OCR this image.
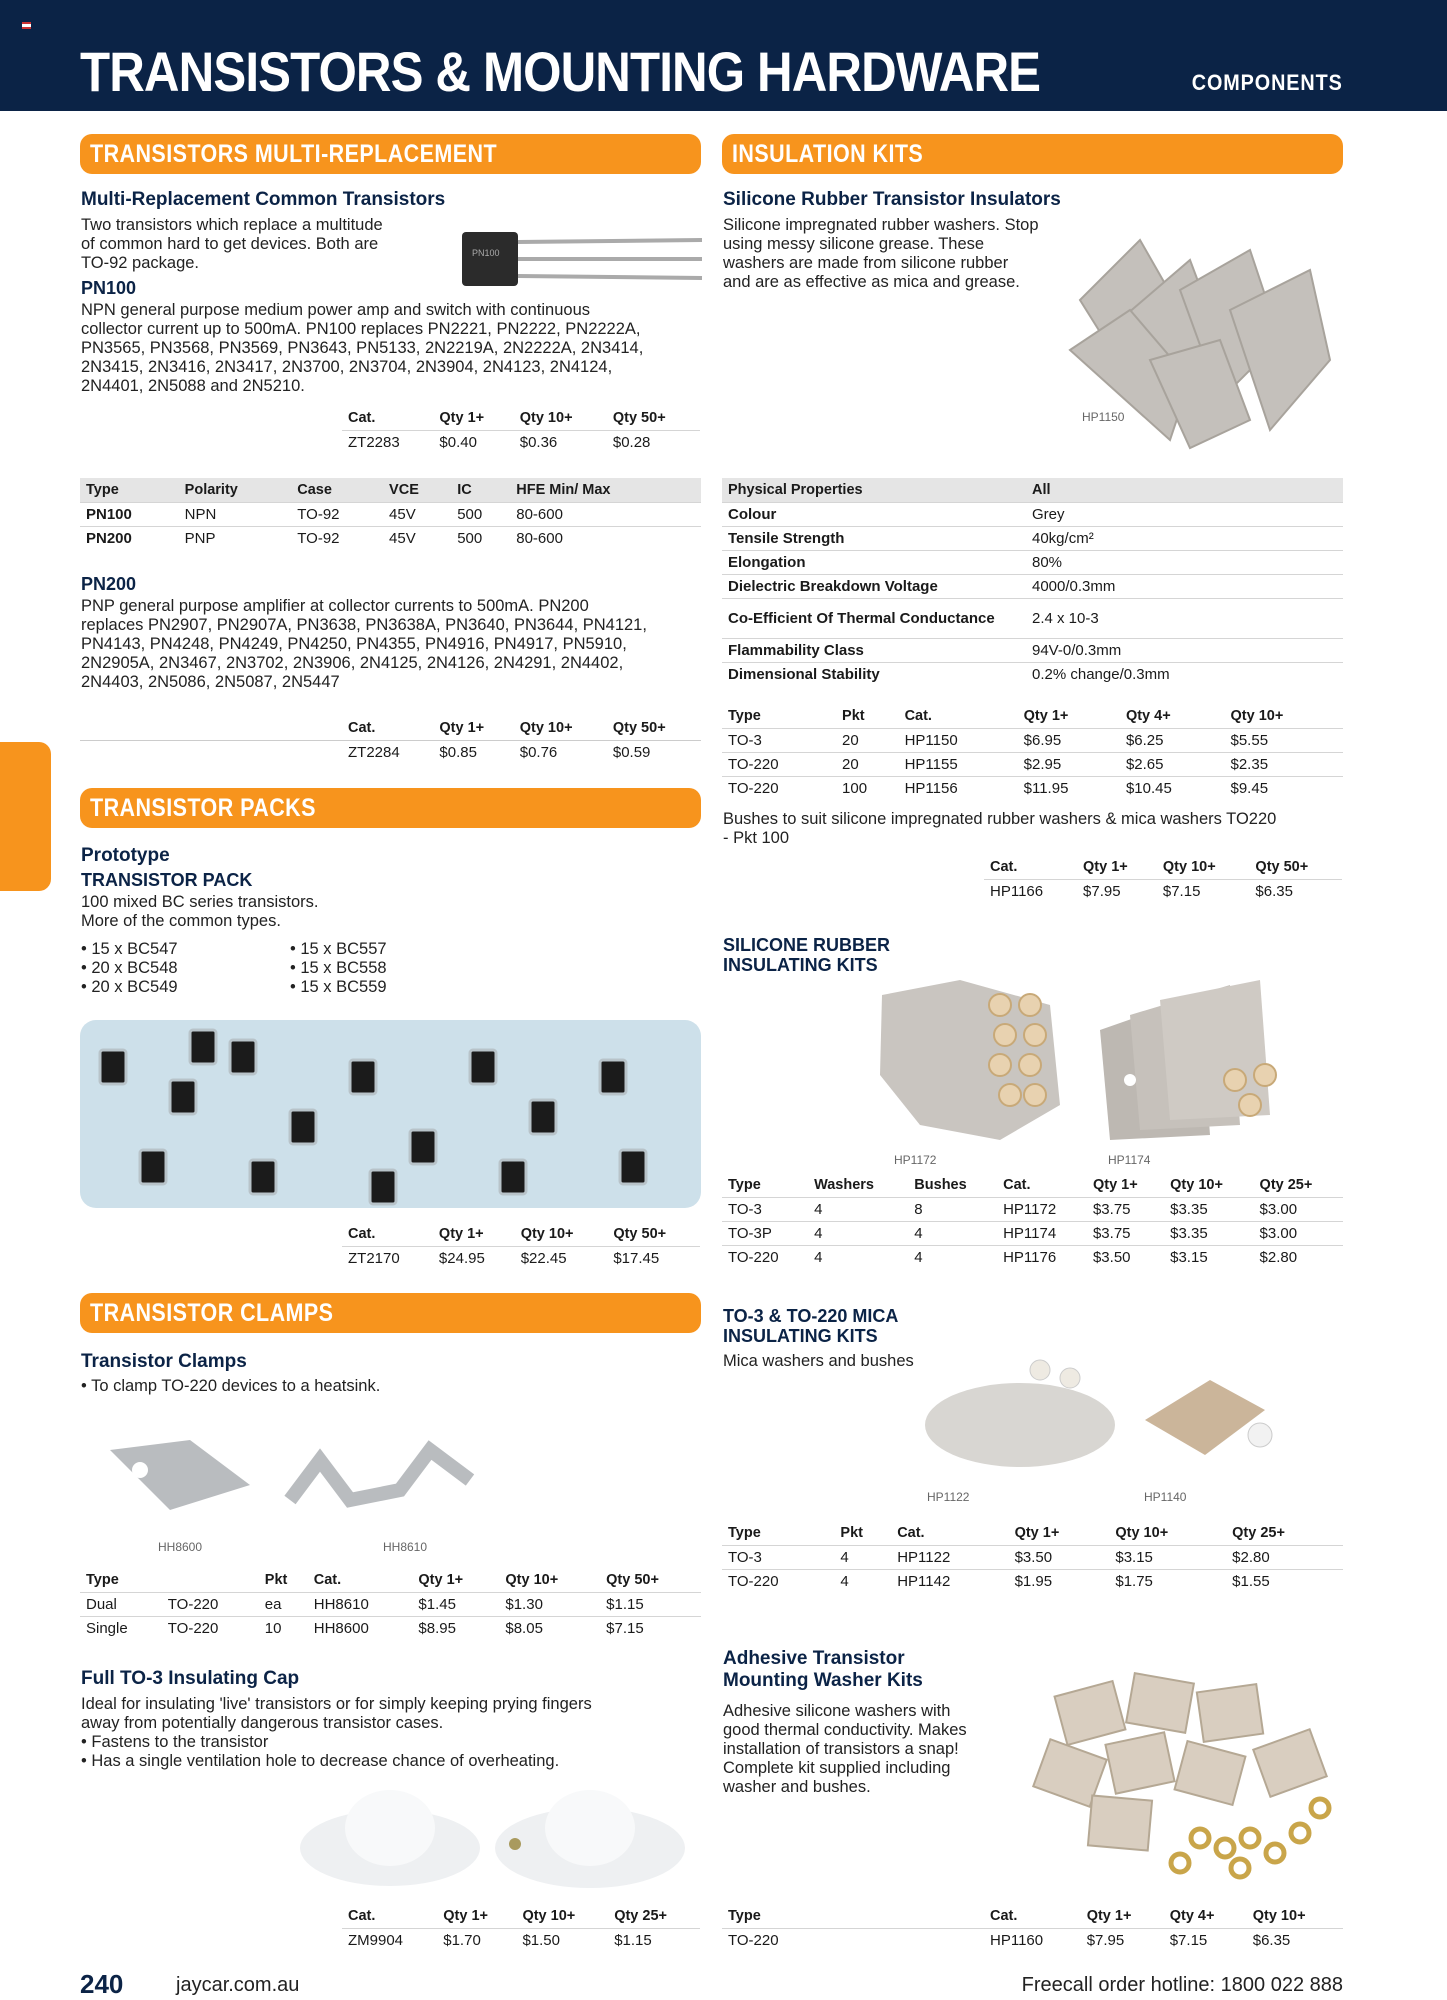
TRANSISTORS & MOUNTING HARDWARE	COMPONENTS
TRANSISTORS MULTI-REPLACEMENT
Multi-Replacement Common Transistors
Two transistors which replace a multitude
of common hard to get devices. Both are
TO-92 package.
PN100
PN100
NPN general purpose medium power amp and switch with continuous
collector current up to 500mA. PN100 replaces PN2221, PN2222, PN2222A,
PN3565, PN3568, PN3569, PN3643, PN5133, 2N2219A, 2N2222A, 2N3414,
2N3415, 2N3416, 2N3417, 2N3700, 2N3704, 2N3904, 2N4123, 2N4124,
2N4401, 2N5088 and 2N5210.
Cat.	Qty 1+	Qty 10+	Qty 50+
ZT2283	$0.40	$0.36	$0.28
Type	Polarity	Case	VCE	IC	HFE Min/ Max
PN100	NPN	TO-92	45V	500	80-600
PN200	PNP	TO-92	45V	500	80-600
PN200
PNP general purpose amplifier at collector currents to 500mA. PN200
replaces PN2907, PN2907A, PN3638, PN3638A, PN3640, PN3644, PN4121,
PN4143, PN4248, PN4249, PN4250, PN4355, PN4916, PN4917, PN5910,
2N2905A, 2N3467, 2N3702, 2N3906, 2N4125, 2N4126, 2N4291, 2N4402,
2N4403, 2N5086, 2N5087, 2N5447
Cat.	Qty 1+	Qty 10+	Qty 50+
ZT2284	$0.85	$0.76	$0.59
TRANSISTOR PACKS
Prototype
TRANSISTOR PACK
100 mixed BC series transistors.
More of the common types.
• 15 x BC547
• 20 x BC548
• 20 x BC549
• 15 x BC557
• 15 x BC558
• 15 x BC559
Cat.	Qty 1+	Qty 10+	Qty 50+
ZT2170	$24.95	$22.45	$17.45
TRANSISTOR CLAMPS
Transistor Clamps
• To clamp TO-220 devices to a heatsink.
HH8600	HH8610
Type		Pkt	Cat.	Qty 1+	Qty 10+	Qty 50+
Dual	TO-220	ea	HH8610	$1.45	$1.30	$1.15
Single	TO-220	10	HH8600	$8.95	$8.05	$7.15
Full TO-3 Insulating Cap
Ideal for insulating 'live' transistors or for simply keeping prying fingers
away from potentially dangerous transistor cases.
• Fastens to the transistor
• Has a single ventilation hole to decrease chance of overheating.
Cat.	Qty 1+	Qty 10+	Qty 25+
ZM9904	$1.70	$1.50	$1.15
INSULATION KITS
Silicone Rubber Transistor Insulators
Silicone impregnated rubber washers. Stop
using messy silicone grease. These
washers are made from silicone rubber
and are as effective as mica and grease.
HP1150
Physical Properties	All
Colour	Grey
Tensile Strength	40kg/cm²
Elongation	80%
Dielectric Breakdown Voltage	4000/0.3mm
Co-Efficient Of Thermal Conductance	2.4 x 10-3
Flammability Class	94V-0/0.3mm
Dimensional Stability	0.2% change/0.3mm
Type	Pkt	Cat.	Qty 1+	Qty 4+	Qty 10+
TO-3	20	HP1150	$6.95	$6.25	$5.55
TO-220	20	HP1155	$2.95	$2.65	$2.35
TO-220	100	HP1156	$11.95	$10.45	$9.45
Bushes to suit silicone impregnated rubber washers & mica washers TO220
- Pkt 100
Cat.	Qty 1+	Qty 10+	Qty 50+
HP1166	$7.95	$7.15	$6.35
SILICONE RUBBER
INSULATING KITS
HP1172	HP1174
Type	Washers	Bushes	Cat.	Qty 1+	Qty 10+	Qty 25+
TO-3	4	8	HP1172	$3.75	$3.35	$3.00
TO-3P	4	4	HP1174	$3.75	$3.35	$3.00
TO-220	4	4	HP1176	$3.50	$3.15	$2.80
TO-3 & TO-220 MICA
INSULATING KITS
Mica washers and bushes
HP1122	HP1140
Type	Pkt	Cat.	Qty 1+	Qty 10+	Qty 25+
TO-3	4	HP1122	$3.50	$3.15	$2.80
TO-220	4	HP1142	$1.95	$1.75	$1.55
Adhesive Transistor
Mounting Washer Kits
Adhesive silicone washers with
good thermal conductivity. Makes
installation of transistors a snap!
Complete kit supplied including
washer and bushes.
Type	Cat.	Qty 1+	Qty 4+	Qty 10+
TO-220	HP1160	$7.95	$7.15	$6.35
240	jaycar.com.au	Freecall order hotline: 1800 022 888
